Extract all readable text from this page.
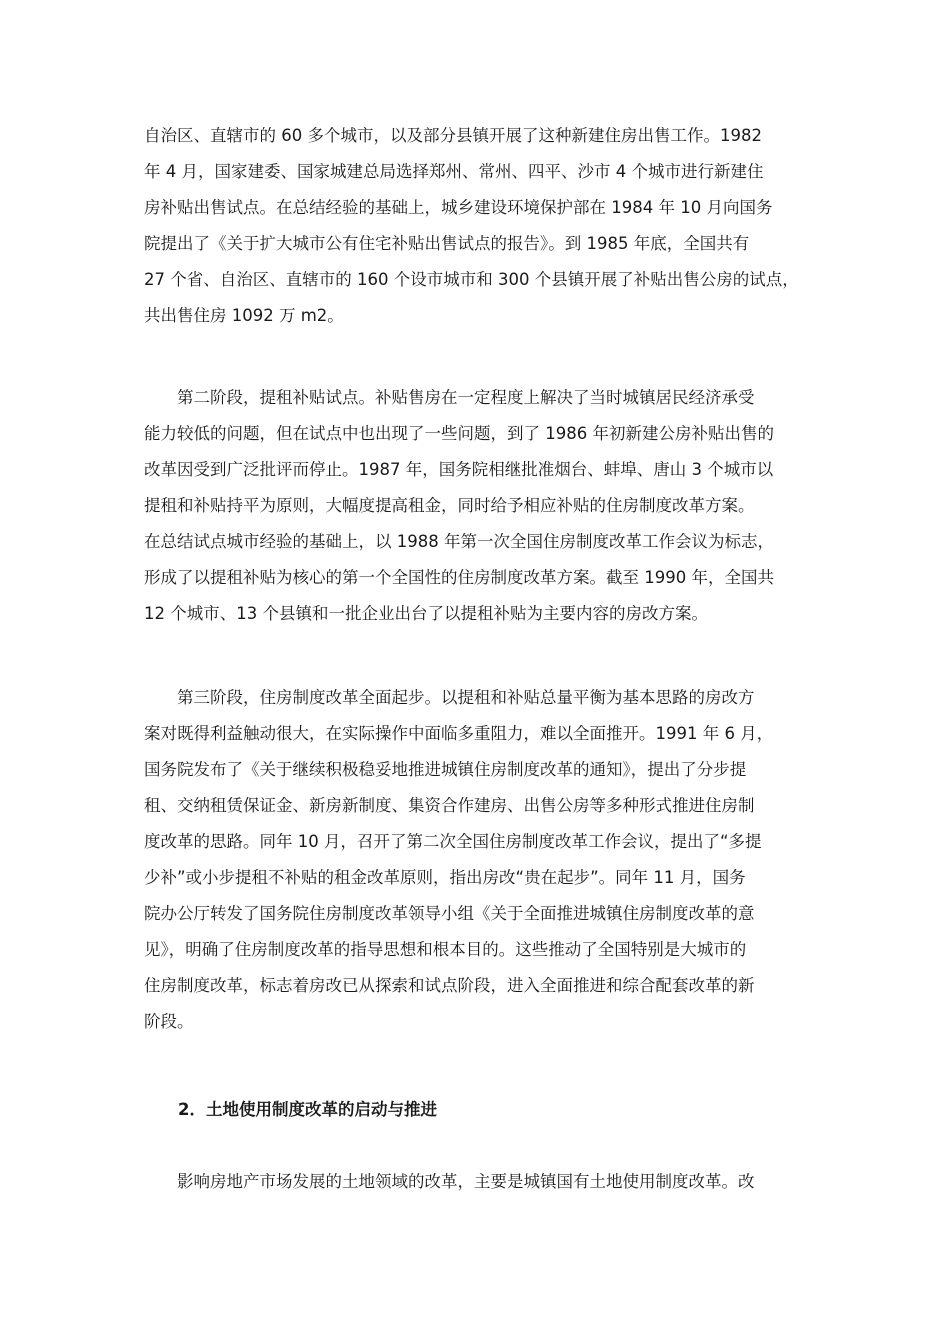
自治区、直辖市的 60 多个城市，以及部分县镇开展了这种新建住房出售工作。1982
年 4 月，国家建委、国家城建总局选择郑州、常州、四平、沙市 4 个城市进行新建住
房补贴出售试点。在总结经验的基础上，城乡建设环境保护部在 1984 年 10 月向国务
院提出了《关于扩大城市公有住宅补贴出售试点的报告》。到 1985 年底，全国共有
27 个省、自治区、直辖市的 160 个设市城市和 300 个县镇开展了补贴出售公房的试点，
共出售住房 1092 万 m2。
　　第二阶段，提租补贴试点。补贴售房在一定程度上解决了当时城镇居民经济承受
能力较低的问题，但在试点中也出现了一些问题，到了 1986 年初新建公房补贴出售的
改革因受到广泛批评而停止。1987 年，国务院相继批准烟台、蚌埠、唐山 3 个城市以
提租和补贴持平为原则，大幅度提高租金，同时给予相应补贴的住房制度改革方案。
在总结试点城市经验的基础上，以 1988 年第一次全国住房制度改革工作会议为标志，
形成了以提租补贴为核心的第一个全国性的住房制度改革方案。截至 1990 年，全国共
12 个城市、13 个县镇和一批企业出台了以提租补贴为主要内容的房改方案。
　　第三阶段，住房制度改革全面起步。以提租和补贴总量平衡为基本思路的房改方
案对既得利益触动很大，在实际操作中面临多重阻力，难以全面推开。1991 年 6 月，
国务院发布了《关于继续积极稳妥地推进城镇住房制度改革的通知》，提出了分步提
租、交纳租赁保证金、新房新制度、集资合作建房、出售公房等多种形式推进住房制
度改革的思路。同年 10 月，召开了第二次全国住房制度改革工作会议，提出了“多提
少补”或小步提租不补贴的租金改革原则，指出房改“贵在起步”。同年 11 月，国务
院办公厅转发了国务院住房制度改革领导小组《关于全面推进城镇住房制度改革的意
见》，明确了住房制度改革的指导思想和根本目的。这些推动了全国特别是大城市的
住房制度改革，标志着房改已从探索和试点阶段，进入全面推进和综合配套改革的新
阶段。
2．土地使用制度改革的启动与推进
　　影响房地产市场发展的土地领域的改革，主要是城镇国有土地使用制度改革。改
